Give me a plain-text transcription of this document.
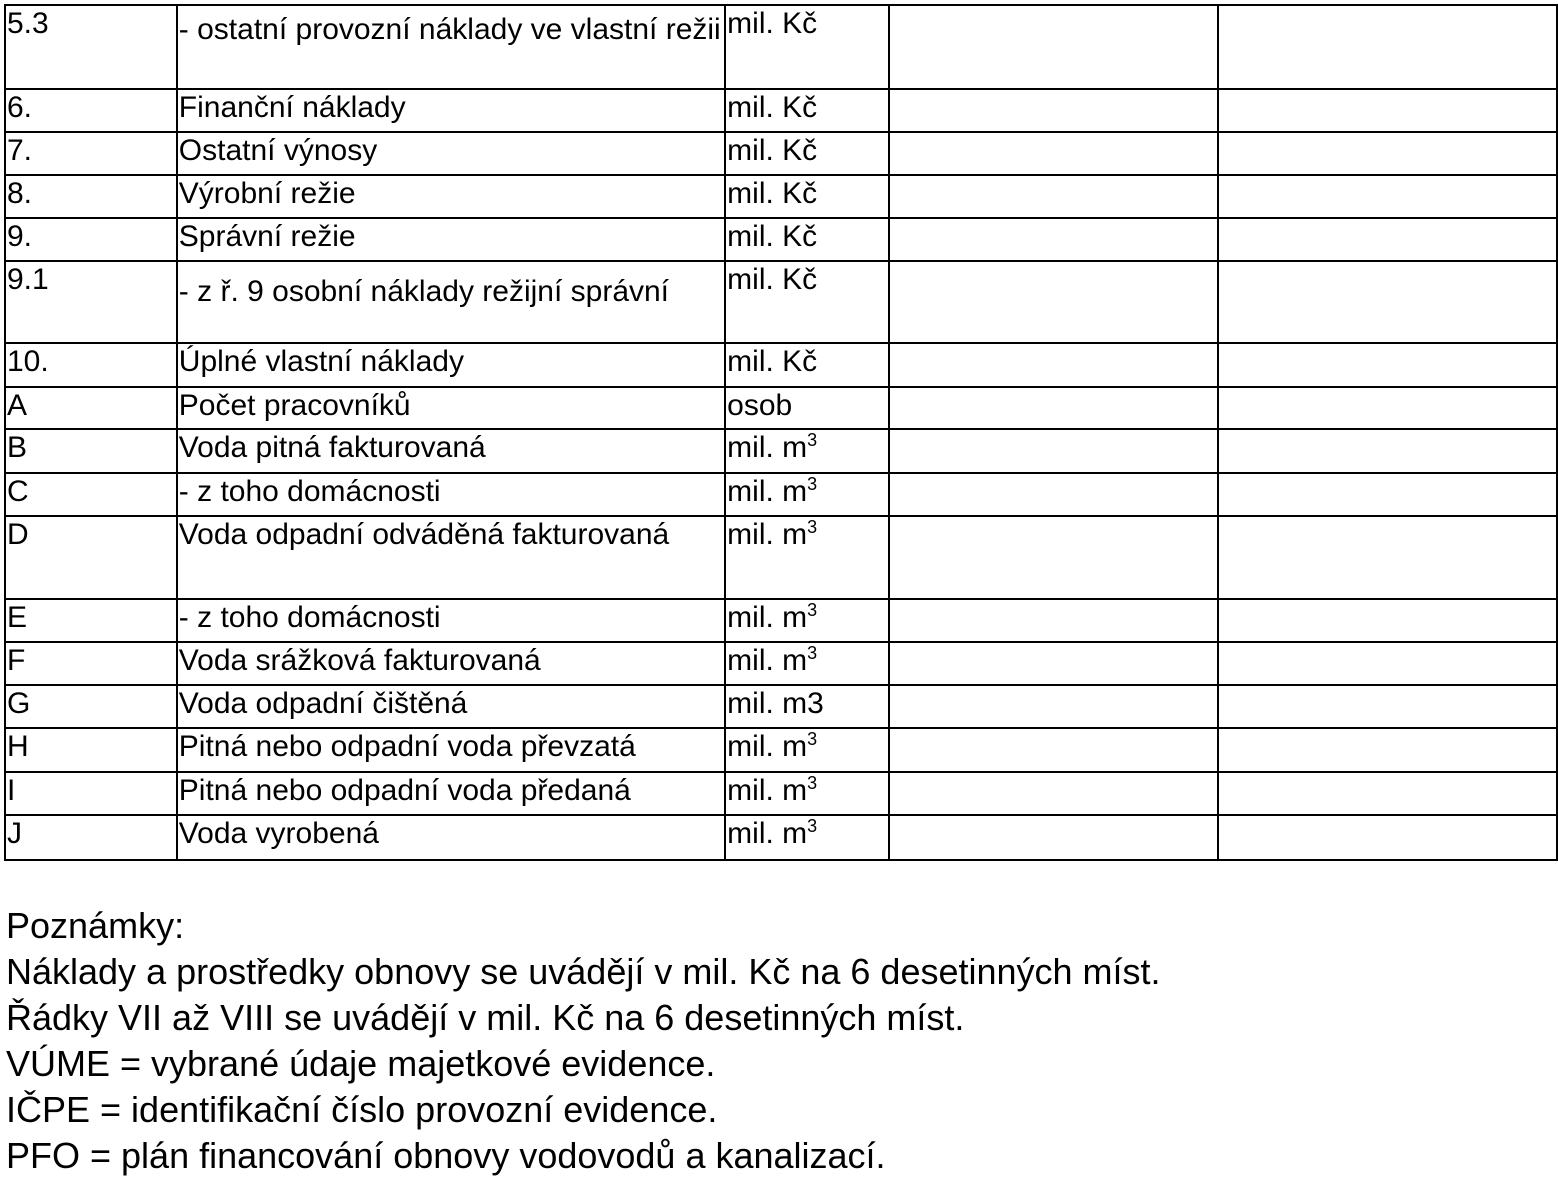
5.3	- ostatní provozní náklady ve vlastní režii	mil. Kč		
6.	Finanční náklady	mil. Kč		
7.	Ostatní výnosy	mil. Kč		
8.	Výrobní režie	mil. Kč		
9.	Správní režie	mil. Kč		
9.1	- z ř. 9 osobní náklady režijní správní	mil. Kč		
10.	Úplné vlastní náklady	mil. Kč		
A	Počet pracovníků	osob		
B	Voda pitná fakturovaná	mil. $m^3$		
C	- z toho domácnosti	mil. $m^3$		
D	Voda odpadní odváděná fakturovaná	mil. $m^3$		
E	- z toho domácnosti	mil. $m^3$		
F	Voda srážková fakturovaná	mil. $m^3$		
G	Voda odpadní čištěná	mil. m3		
H	Pitná nebo odpadní voda převzatá	mil. $m^3$		
I	Pitná nebo odpadní voda předaná	mil. $m^3$		
J	Voda vyrobená	mil. $m^3$		
Poznámky:
Náklady a prostředky obnovy se uvádějí v mil. Kč na 6 desetinných míst.
Řádky VII až VIII se uvádějí v mil. Kč na 6 desetinných míst.
VÚME = vybrané údaje majetkové evidence.
IČPE = identifikační číslo provozní evidence.
PFO = plán financování obnovy vodovodů a kanalizací.
